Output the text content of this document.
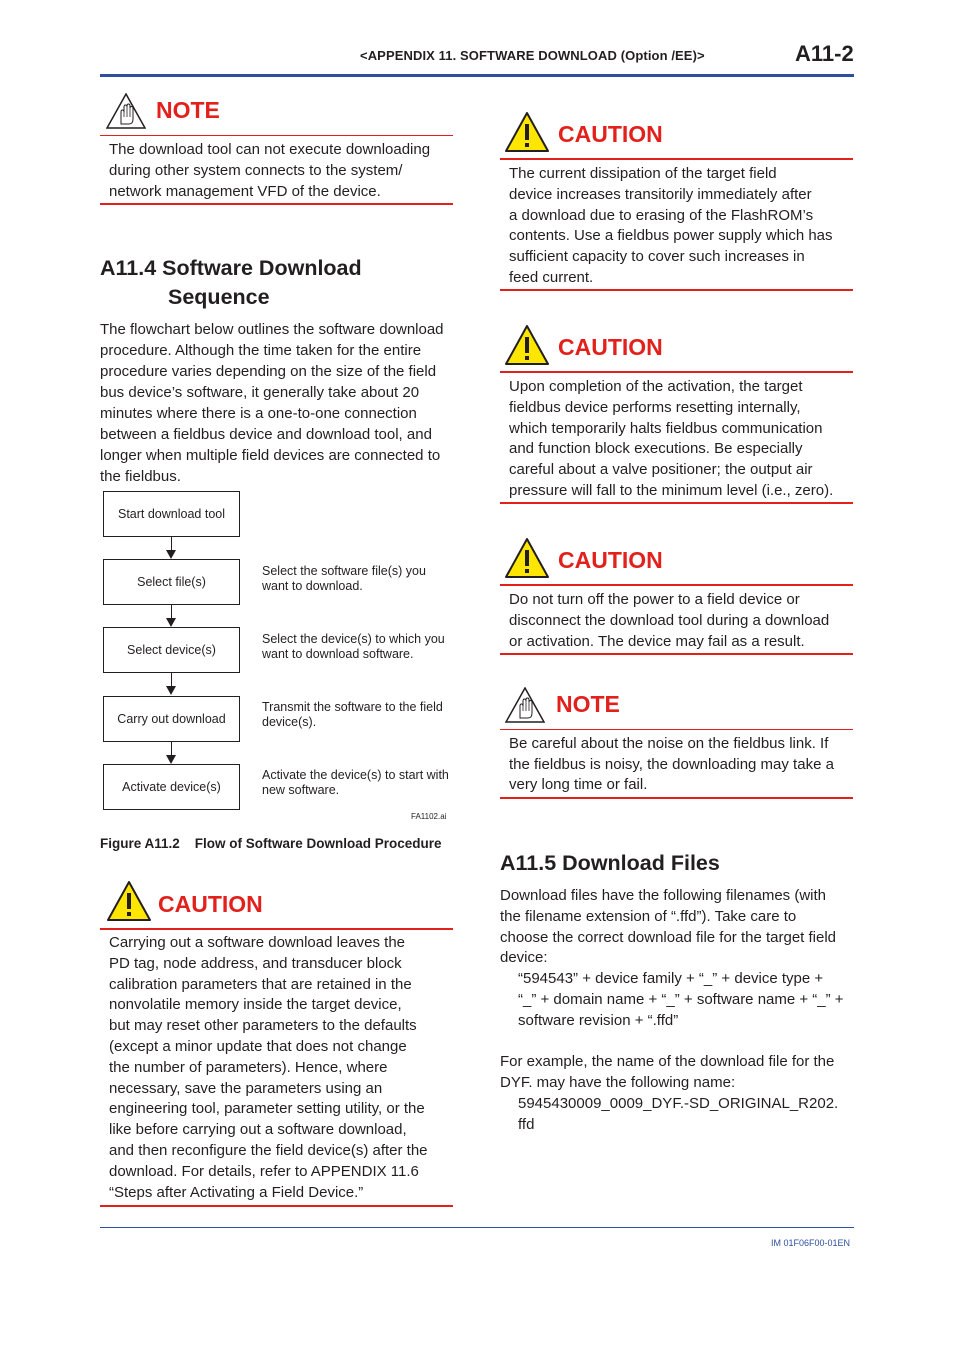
<APPENDIX 11. SOFTWARE DOWNLOAD (Option /EE)>	A11-2
NOTE
The download tool can not execute downloading
during other system connects to the system/
network management VFD of the device.
A11.4 Software Download
Sequence
The flowchart below outlines the software download
procedure. Although the time taken for the entire
procedure varies depending on the size of the field
bus device’s software, it generally take about 20
minutes where there is a one-to-one connection
between a fieldbus device and download tool, and
longer when multiple field devices are connected to
the fieldbus.
Start download tool
Select file(s)
Select the software file(s) you
want to download.
Select device(s)
Select the device(s) to which you
want to download software.
Carry out download
Transmit the software to the field
device(s).
Activate device(s)
Activate the device(s) to start with
new software.
FA1102.ai
Figure A11.2    Flow of Software Download Procedure
CAUTION
Carrying out a software download leaves the
PD tag, node address, and transducer block
calibration parameters that are retained in the
nonvolatile memory inside the target device,
but may reset other parameters to the defaults
(except a minor update that does not change
the number of parameters). Hence, where
necessary, save the parameters using an
engineering tool, parameter setting utility, or the
like before carrying out a software download,
and then reconfigure the field device(s) after the
download. For details, refer to APPENDIX 11.6
“Steps after Activating a Field Device.”
CAUTION
The current dissipation of the target field
device increases transitorily immediately after
a download due to erasing of the FlashROM’s
contents. Use a fieldbus power supply which has
sufficient capacity to cover such increases in
feed current.
CAUTION
Upon completion of the activation, the target
fieldbus device performs resetting internally,
which temporarily halts fieldbus communication
and function block executions. Be especially
careful about a valve positioner; the output air
pressure will fall to the minimum level (i.e., zero).
CAUTION
Do not turn off the power to a field device or
disconnect the download tool during a download
or activation. The device may fail as a result.
NOTE
Be careful about the noise on the fieldbus link. If
the fieldbus is noisy, the downloading may take a
very long time or fail.
A11.5 Download Files
Download files have the following filenames (with
the filename extension of “.ffd”). Take care to
choose the correct download file for the target field
device:
“594543” + device family + “_” + device type +
“_” + domain name + “_” + software name + “_” +
software revision + “.ffd”
For example, the name of the download file for the
DYF. may have the following name:
5945430009_0009_DYF.-SD_ORIGINAL_R202.
ffd
IM 01F06F00-01EN
